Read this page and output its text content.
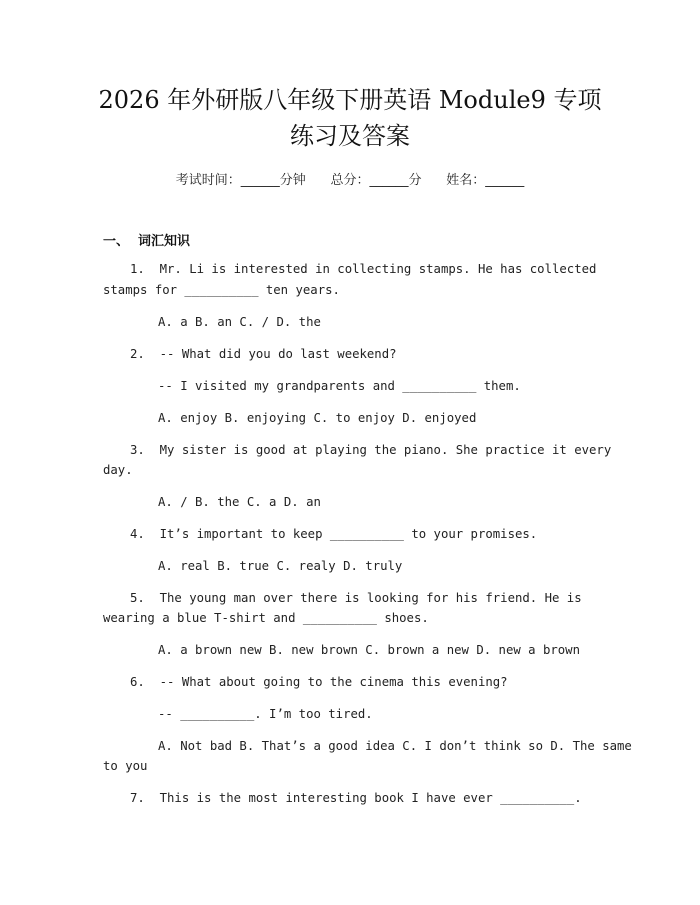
2026 年外研版八年级下册英语 Module9 专项
练习及答案
考试时间：______分钟      总分：______分      姓名：______
一、  词汇知识
1.  Mr. Li is interested in collecting stamps. He has collected
stamps for __________ ten years.
A. a B. an C. / D. the
2.  -- What did you do last weekend?
-- I visited my grandparents and __________ them.
A. enjoy B. enjoying C. to enjoy D. enjoyed
3.  My sister is good at playing the piano. She practice it every
day.
A. / B. the C. a D. an
4.  It’s important to keep __________ to your promises.
A. real B. true C. realy D. truly
5.  The young man over there is looking for his friend. He is
wearing a blue T-shirt and __________ shoes.
A. a brown new B. new brown C. brown a new D. new a brown
6.  -- What about going to the cinema this evening?
-- __________. I’m too tired.
A. Not bad B. That’s a good idea C. I don’t think so D. The same
to you
7.  This is the most interesting book I have ever __________.
